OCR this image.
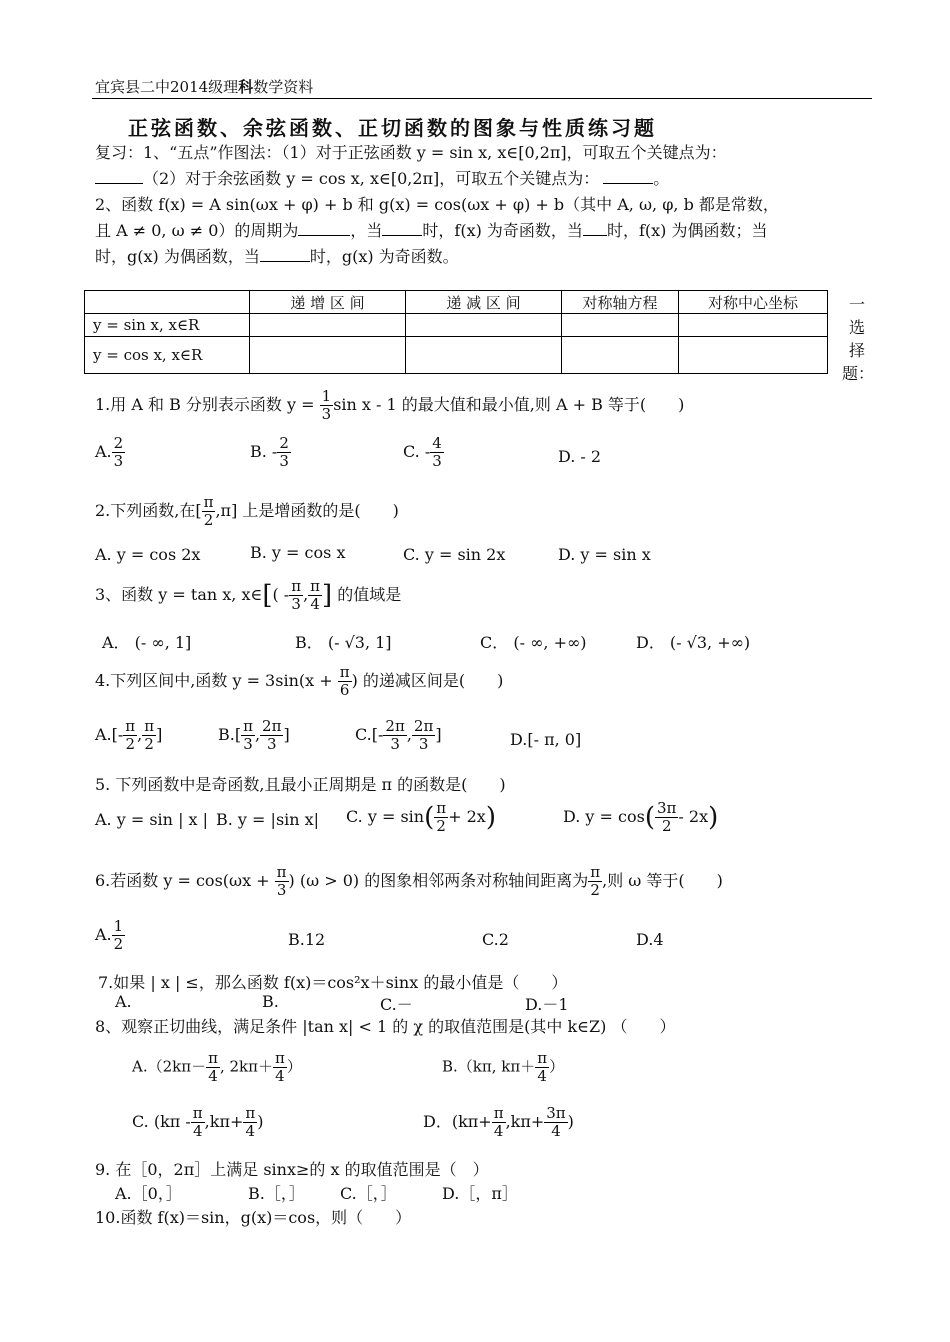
宜宾县二中2014级理科数学资料
正弦函数、余弦函数、正切函数的图象与性质练习题
复习：1、“五点”作图法：（1）对于正弦函数 y = sin x, x∈[0,2π]，可取五个关键点为：
（2）对于余弦函数 y = cos x, x∈[0,2π]，可取五个关键点为：	。
2、函数 f(x) = A sin(ωx + φ) + b 和 g(x) = cos(ωx + φ) + b（其中 A, ω, φ, b 都是常数，
且 A ≠ 0, ω ≠ 0）的周期为	，当	时，f(x) 为奇函数，当 时，f(x) 为偶函数；当
时，g(x) 为偶函数，当	时，g(x) 为奇函数。
	递 增 区 间	递 减 区 间	对称轴方程	对称中心坐标
y = sin x, x∈R				
y = cos x, x∈R				
一
选
择
题：
1.用 A 和 B 分别表示函数 $y = \frac{1}{3}$ sin x - 1 的最大值和最小值,则 A + B 等于(　　)
A. $\frac{2}{3}$	B. - $\frac{2}{3}$	C. - $\frac{4}{3}$	D. - 2
2.下列函数,在[ $\frac{\pi}{2} ,\pi$] 上是增函数的是(　　)
A. y = cos 2x	B. y = cos x	C. y = sin 2x	D. y = sin x
3、函数 y = tan x, x∈[( - $\frac{\pi}{3}$ , $\frac{\pi}{4}$ ] 的值域是
A． (- ∞, 1]	B． (- √3, 1]	C． (- ∞, +∞)	D． (- √3, +∞)
4.下列区间中,函数 $y = 3\sin(x + \frac{\pi}{6}$ ) 的递减区间是(　　)
$A.[- \frac{\pi}{2}$ , $\frac{\pi}{2}$ ]	$B.[ \frac{\pi}{3}$ , $\frac{2\pi}{3}$ ]	$C.[- \frac{2\pi}{3}$ , $\frac{2\pi}{3}$ ]	D.[- π, 0]
5. 下列函数中是奇函数,且最小正周期是 π 的函数是(　　)
A. y = sin | x | B. y = |sin x| C. $y = \sin( \frac{\pi}{2} + 2x)$	D. $y = \cos( \frac{3\pi}{2} - 2x)$
6.若函数 $y = \cos(\omega x + \frac{\pi}{3}$ ) (ω > 0) 的图象相邻两条对称轴间距离为 $\frac{\pi}{2}$ ,则 ω 等于(　　)
A. $\frac{1}{2}$	B.12	C.2	D.4
7.如果 | x | ≤，那么函数 f(x)＝cos²x＋sinx 的最小值是（　　）
A.	B.	C.－	D.－1
8、观察正切曲线，满足条件 |tan x| < 1 的 χ 的取值范围是(其中 k∈Z) （　　）
$A.(2k\pi- \frac{\pi}{4}$ , $2k\pi+ \frac{\pi}{4}$ ）	B.（kπ, $k\pi+ \frac{\pi}{4}$ ）
C. ($k\pi - \frac{\pi}{4} ,k\pi+ \frac{\pi}{4}$ )	D．($k\pi+ \frac{\pi}{4} ,k\pi+ \frac{3\pi}{4}$ )
9. 在［0，2π］上满足 sinx≥的 x 的取值范围是（　）
A.［0，］	B.［，］ C.［，］	D.［，π］
10.函数 f(x)＝sin，g(x)＝cos，则（　　）
